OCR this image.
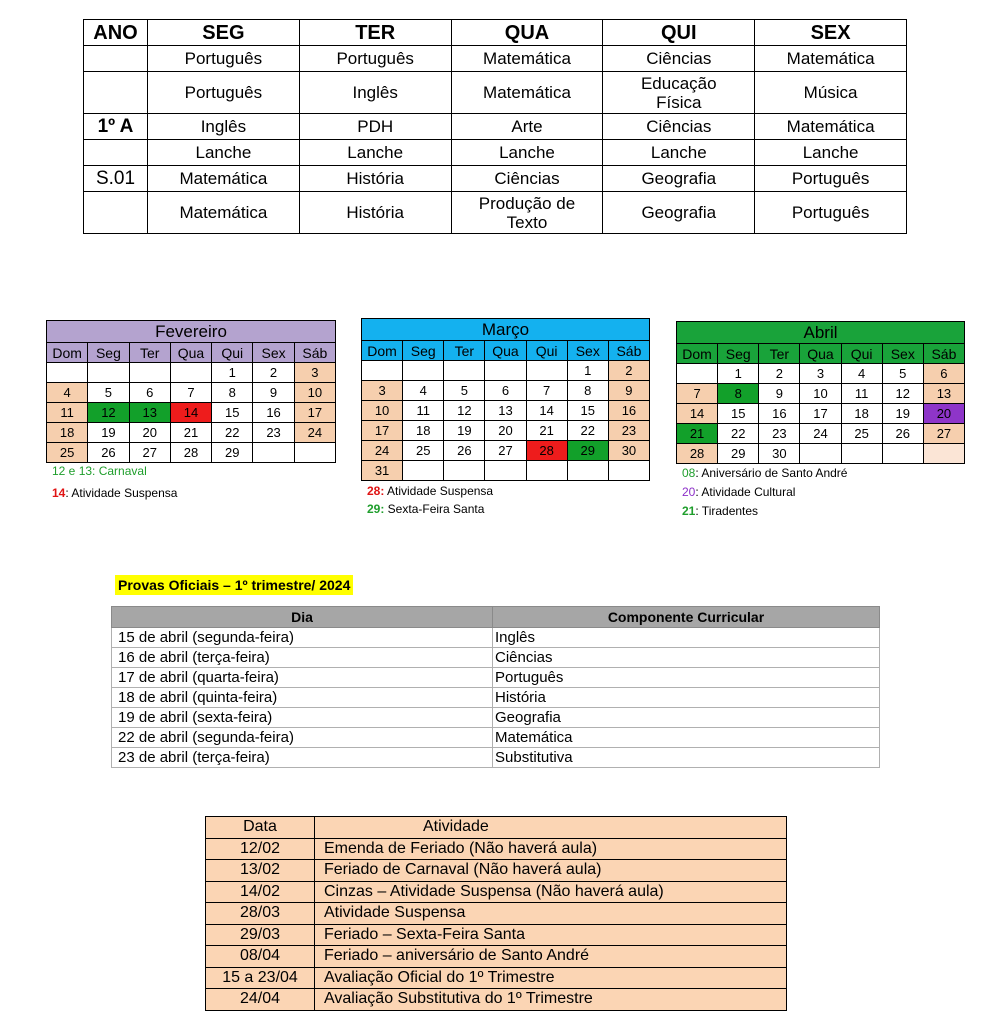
ANO	SEG	TER	QUA	QUI	SEX
	Português	Português	Matemática	Ciências	Matemática
	Português	Inglês	Matemática	Educação Física	Música
1º A	Inglês	PDH	Arte	Ciências	Matemática
	Lanche	Lanche	Lanche	Lanche	Lanche
S.01	Matemática	História	Ciências	Geografia	Português
	Matemática	História	Produção de Texto	Geografia	Português
Fevereiro						
Dom	Seg	Ter	Qua	Qui	Sex	Sáb
				1	2	3
4	5	6	7	8	9	10
11	12	13	14	15	16	17
18	19	20	21	22	23	24
25	26	27	28	29		
12 e 13: Carnaval
14: Atividade Suspensa
Março						
Dom	Seg	Ter	Qua	Qui	Sex	Sáb
					1	2
3	4	5	6	7	8	9
10	11	12	13	14	15	16
17	18	19	20	21	22	23
24	25	26	27	28	29	30
31						
28: Atividade Suspensa
29: Sexta-Feira Santa
Abril						
Dom	Seg	Ter	Qua	Qui	Sex	Sáb
	1	2	3	4	5	6
7	8	9	10	11	12	13
14	15	16	17	18	19	20
21	22	23	24	25	26	27
28	29	30				
08: Aniversário de Santo André
20: Atividade Cultural
21: Tiradentes
Provas Oficiais – 1º trimestre/ 2024
Dia	Componente Curricular
15 de abril (segunda-feira)	Inglês
16 de abril (terça-feira)	Ciências
17 de abril (quarta-feira)	Português
18 de abril (quinta-feira)	História
19 de abril (sexta-feira)	Geografia
22 de abril (segunda-feira)	Matemática
23 de abril (terça-feira)	Substitutiva
Data	Atividade
12/02	Emenda de Feriado (Não haverá aula)
13/02	Feriado de Carnaval (Não haverá aula)
14/02	Cinzas – Atividade Suspensa (Não haverá aula)
28/03	Atividade Suspensa
29/03	Feriado – Sexta-Feira Santa
08/04	Feriado – aniversário de Santo André
15 a 23/04	Avaliação Oficial do 1º Trimestre
24/04	Avaliação Substitutiva do 1º Trimestre
